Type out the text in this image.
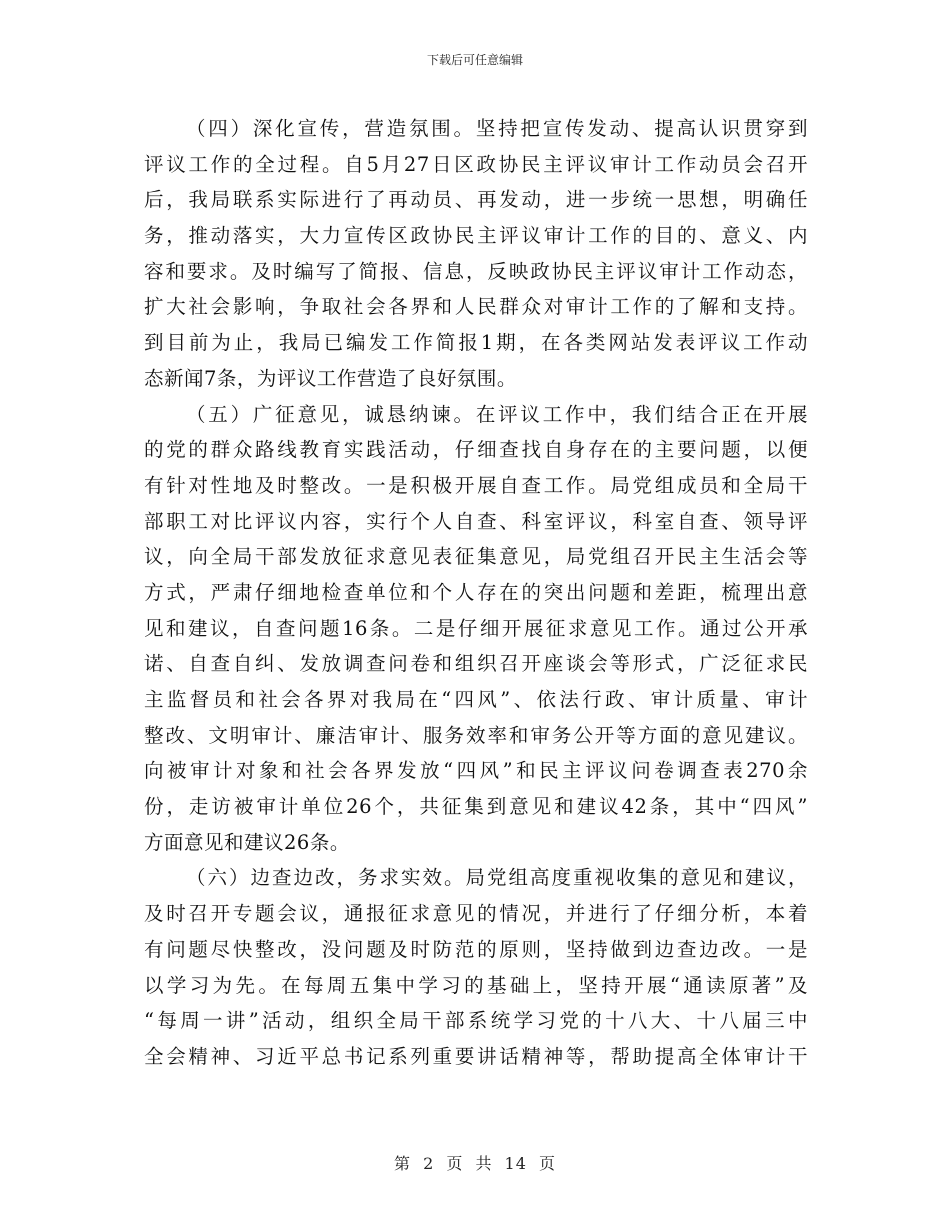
下载后可任意编辑
（四）深化宣传，营造氛围。坚持把宣传发动、提高认识贯穿到
评议工作的全过程。自5月27日区政协民主评议审计工作动员会召开
后，我局联系实际进行了再动员、再发动，进一步统一思想，明确任
务，推动落实，大力宣传区政协民主评议审计工作的目的、意义、内
容和要求。及时编写了简报、信息，反映政协民主评议审计工作动态，
扩大社会影响，争取社会各界和人民群众对审计工作的了解和支持。
到目前为止，我局已编发工作简报1期，在各类网站发表评议工作动
态新闻7条，为评议工作营造了良好氛围。
（五）广征意见，诚恳纳谏。在评议工作中，我们结合正在开展
的党的群众路线教育实践活动，仔细查找自身存在的主要问题，以便
有针对性地及时整改。一是积极开展自查工作。局党组成员和全局干
部职工对比评议内容，实行个人自查、科室评议，科室自查、领导评
议，向全局干部发放征求意见表征集意见，局党组召开民主生活会等
方式，严肃仔细地检查单位和个人存在的突出问题和差距，梳理出意
见和建议，自查问题16条。二是仔细开展征求意见工作。通过公开承
诺、自查自纠、发放调查问卷和组织召开座谈会等形式，广泛征求民
主监督员和社会各界对我局在“四风”、依法行政、审计质量、审计
整改、文明审计、廉洁审计、服务效率和审务公开等方面的意见建议。
向被审计对象和社会各界发放“四风”和民主评议问卷调查表270余
份，走访被审计单位26个，共征集到意见和建议42条，其中“四风”
方面意见和建议26条。
（六）边查边改，务求实效。局党组高度重视收集的意见和建议，
及时召开专题会议，通报征求意见的情况，并进行了仔细分析，本着
有问题尽快整改，没问题及时防范的原则，坚持做到边查边改。一是
以学习为先。在每周五集中学习的基础上，坚持开展“通读原著”及
“每周一讲”活动，组织全局干部系统学习党的十八大、十八届三中
全会精神、习近平总书记系列重要讲话精神等，帮助提高全体审计干
第 2 页 共 14 页
